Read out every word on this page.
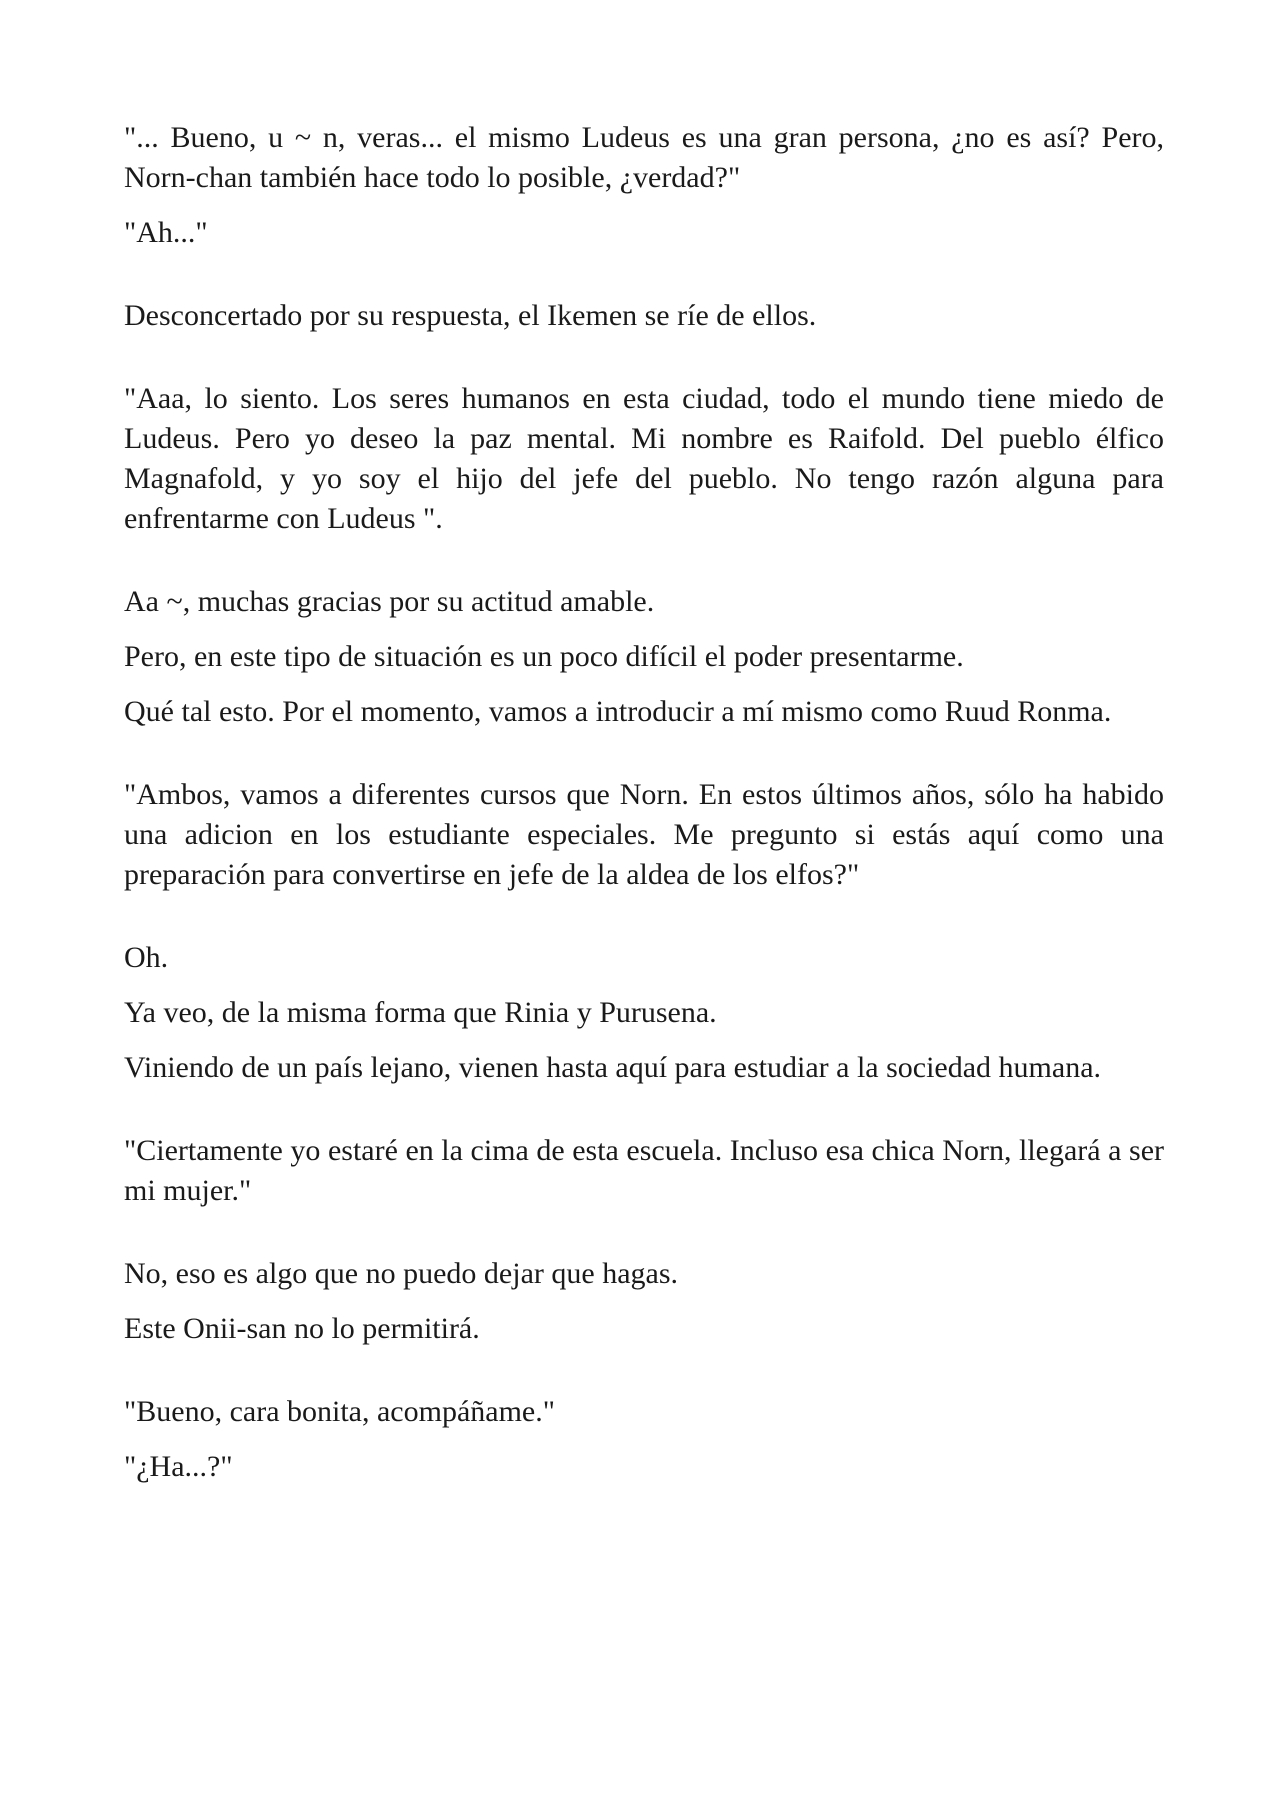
"... Bueno, u ~ n, veras... el mismo Ludeus es una gran persona, ¿no es así? Pero, Norn-chan también hace todo lo posible, ¿verdad?"

"Ah..."

Desconcertado por su respuesta, el Ikemen se ríe de ellos.

"Aaa, lo siento. Los seres humanos en esta ciudad, todo el mundo tiene miedo de Ludeus. Pero yo deseo la paz mental. Mi nombre es Raifold. Del pueblo élfico Magnafold, y yo soy el hijo del jefe del pueblo. No tengo razón alguna para enfrentarme con Ludeus ".

Aa ~, muchas gracias por su actitud amable.

Pero, en este tipo de situación es un poco difícil el poder presentarme.

Qué tal esto. Por el momento, vamos a introducir a mí mismo como Ruud Ronma.

"Ambos, vamos a diferentes cursos que Norn. En estos últimos años, sólo ha habido una adicion en los estudiante especiales. Me pregunto si estás aquí como una preparación para convertirse en jefe de la aldea de los elfos?"

Oh.

Ya veo, de la misma forma que Rinia y Purusena.

Viniendo de un país lejano, vienen hasta aquí para estudiar a la sociedad humana.

"Ciertamente yo estaré en la cima de esta escuela. Incluso esa chica Norn, llegará a ser mi mujer."

No, eso es algo que no puedo dejar que hagas.

Este Onii-san no lo permitirá.

"Bueno, cara bonita, acompáñame."

"¿Ha...?"
